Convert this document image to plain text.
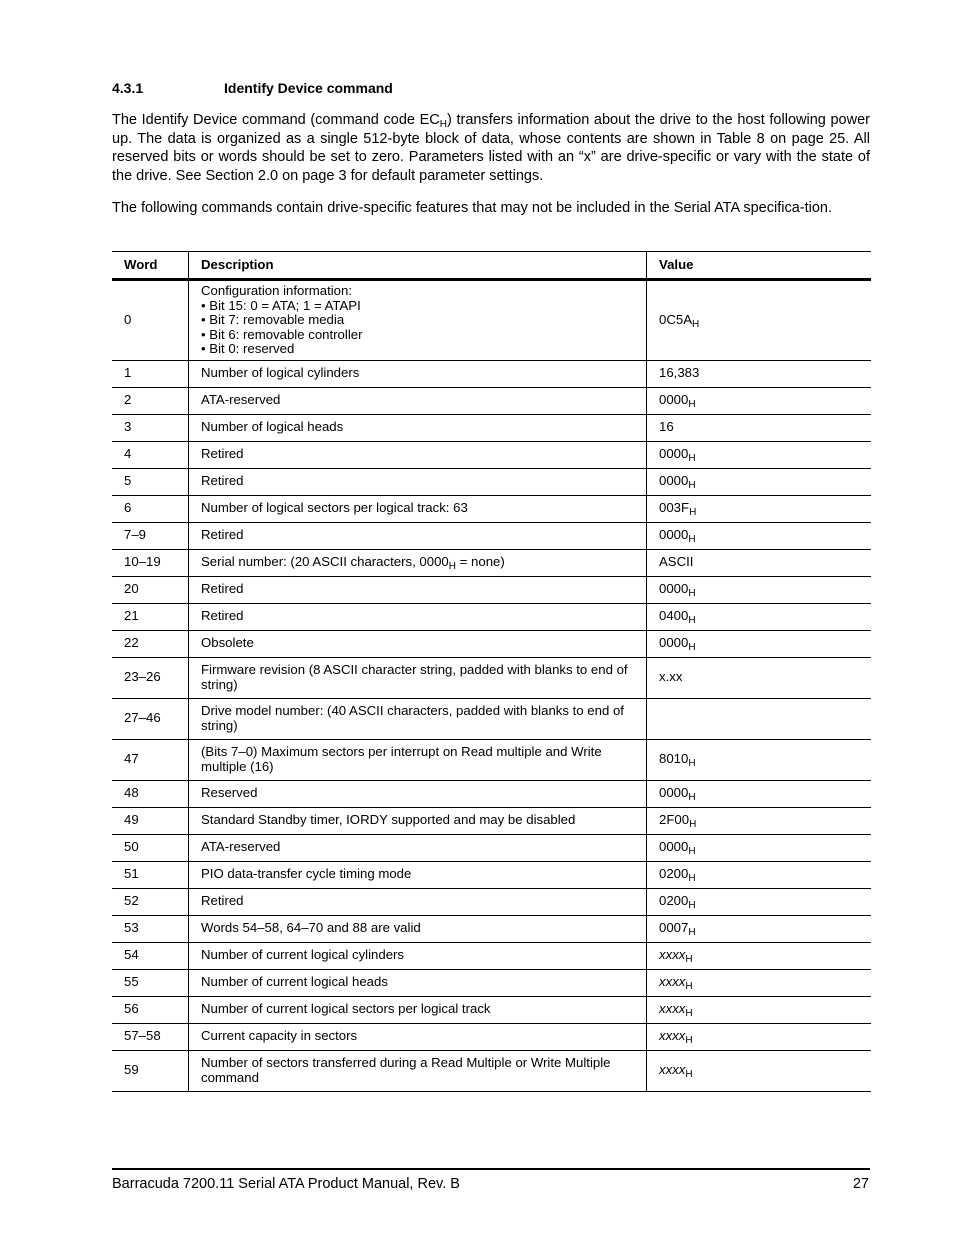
4.3.1	Identify Device command

The Identify Device command (command code $EC_H$) transfers information about the drive to the host following power up. The data is organized as a single 512-byte block of data, whose contents are shown in Table 8 on page 25. All reserved bits or words should be set to zero. Parameters listed with an “x” are drive-specific or vary with the state of the drive. See Section 2.0 on page 3 for default parameter settings.

The following commands contain drive-specific features that may not be included in the Serial ATA specifica-tion.

Word	Description	Value
0	Configuration information:
• Bit 15: 0 = ATA; 1 = ATAPI
• Bit 7: removable media
• Bit 6: removable controller
• Bit 0: reserved	$0C5A_H$
1	Number of logical cylinders	16,383
2	ATA-reserved	$0000_H$
3	Number of logical heads	16
4	Retired	$0000_H$
5	Retired	$0000_H$
6	Number of logical sectors per logical track: 63	$003F_H$
7–9	Retired	$0000_H$
10–19	Serial number: (20 ASCII characters, $0000_H$ = none)	ASCII
20	Retired	$0000_H$
21	Retired	$0400_H$
22	Obsolete	$0000_H$
23–26	Firmware revision (8 ASCII character string, padded with blanks to end of string)	x.xx
27–46	Drive model number: (40 ASCII characters, padded with blanks to end of string)	
47	(Bits 7–0) Maximum sectors per interrupt on Read multiple and Write multiple (16)	$8010_H$
48	Reserved	$0000_H$
49	Standard Standby timer, IORDY supported and may be disabled	$2F00_H$
50	ATA-reserved	$0000_H$
51	PIO data-transfer cycle timing mode	$0200_H$
52	Retired	$0200_H$
53	Words 54–58, 64–70 and 88 are valid	$0007_H$
54	Number of current logical cylinders	xxxx$_H$
55	Number of current logical heads	xxxx$_H$
56	Number of current logical sectors per logical track	xxxx$_H$
57–58	Current capacity in sectors	xxxx$_H$
59	Number of sectors transferred during a Read Multiple or Write Multiple command	xxxx$_H$
Barracuda 7200.11 Serial ATA Product Manual, Rev. B	27
